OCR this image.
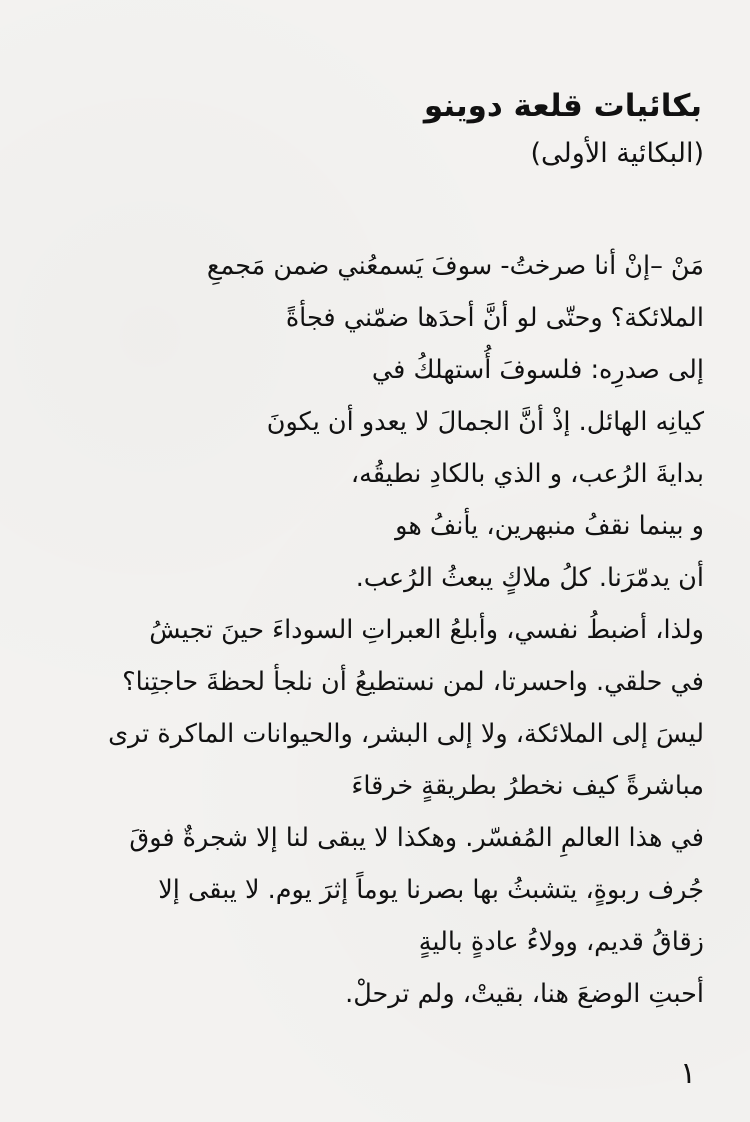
بكائيات قلعة دوينو
(البكائية الأولى)
مَنْ –إنْ أنا صرختُ- سوفَ يَسمعُني ضمن مَجمعِ
الملائكة؟ وحتّى لو أنَّ أحدَها ضمّني فجأةً
إلى صدرِه: فلسوفَ أُستهلكُ في
كيانِه الهائل. إذْ أنَّ الجمالَ لا يعدو أن يكونَ
بدايةَ الرُعب، و الذي بالكادِ نطيقُه،
و بينما نقفُ منبهرين، يأنفُ هو
أن يدمّرَنا. كلُ ملاكٍ يبعثُ الرُعب.
ولذا، أضبطُ نفسي، وأبلعُ العبراتِ السوداءَ حينَ تجيشُ
في حلقي. واحسرتا، لمن نستطيعُ أن نلجأ لحظةَ حاجتِنا؟
ليسَ إلى الملائكة، ولا إلى البشر، والحيوانات الماكرة ترى
مباشرةً كيف نخطرُ بطريقةٍ خرقاءَ
في هذا العالمِ المُفسّر. وهكذا لا يبقى لنا إلا شجرةٌ فوقَ
جُرف ربوةٍ، يتشبثُ بها بصرنا يوماً إثرَ يوم. لا يبقى إلا
زقاقُ قديم، وولاءُ عادةٍ باليةٍ
أحبتِ الوضعَ هنا، بقيتْ، ولم ترحلْ.
١
